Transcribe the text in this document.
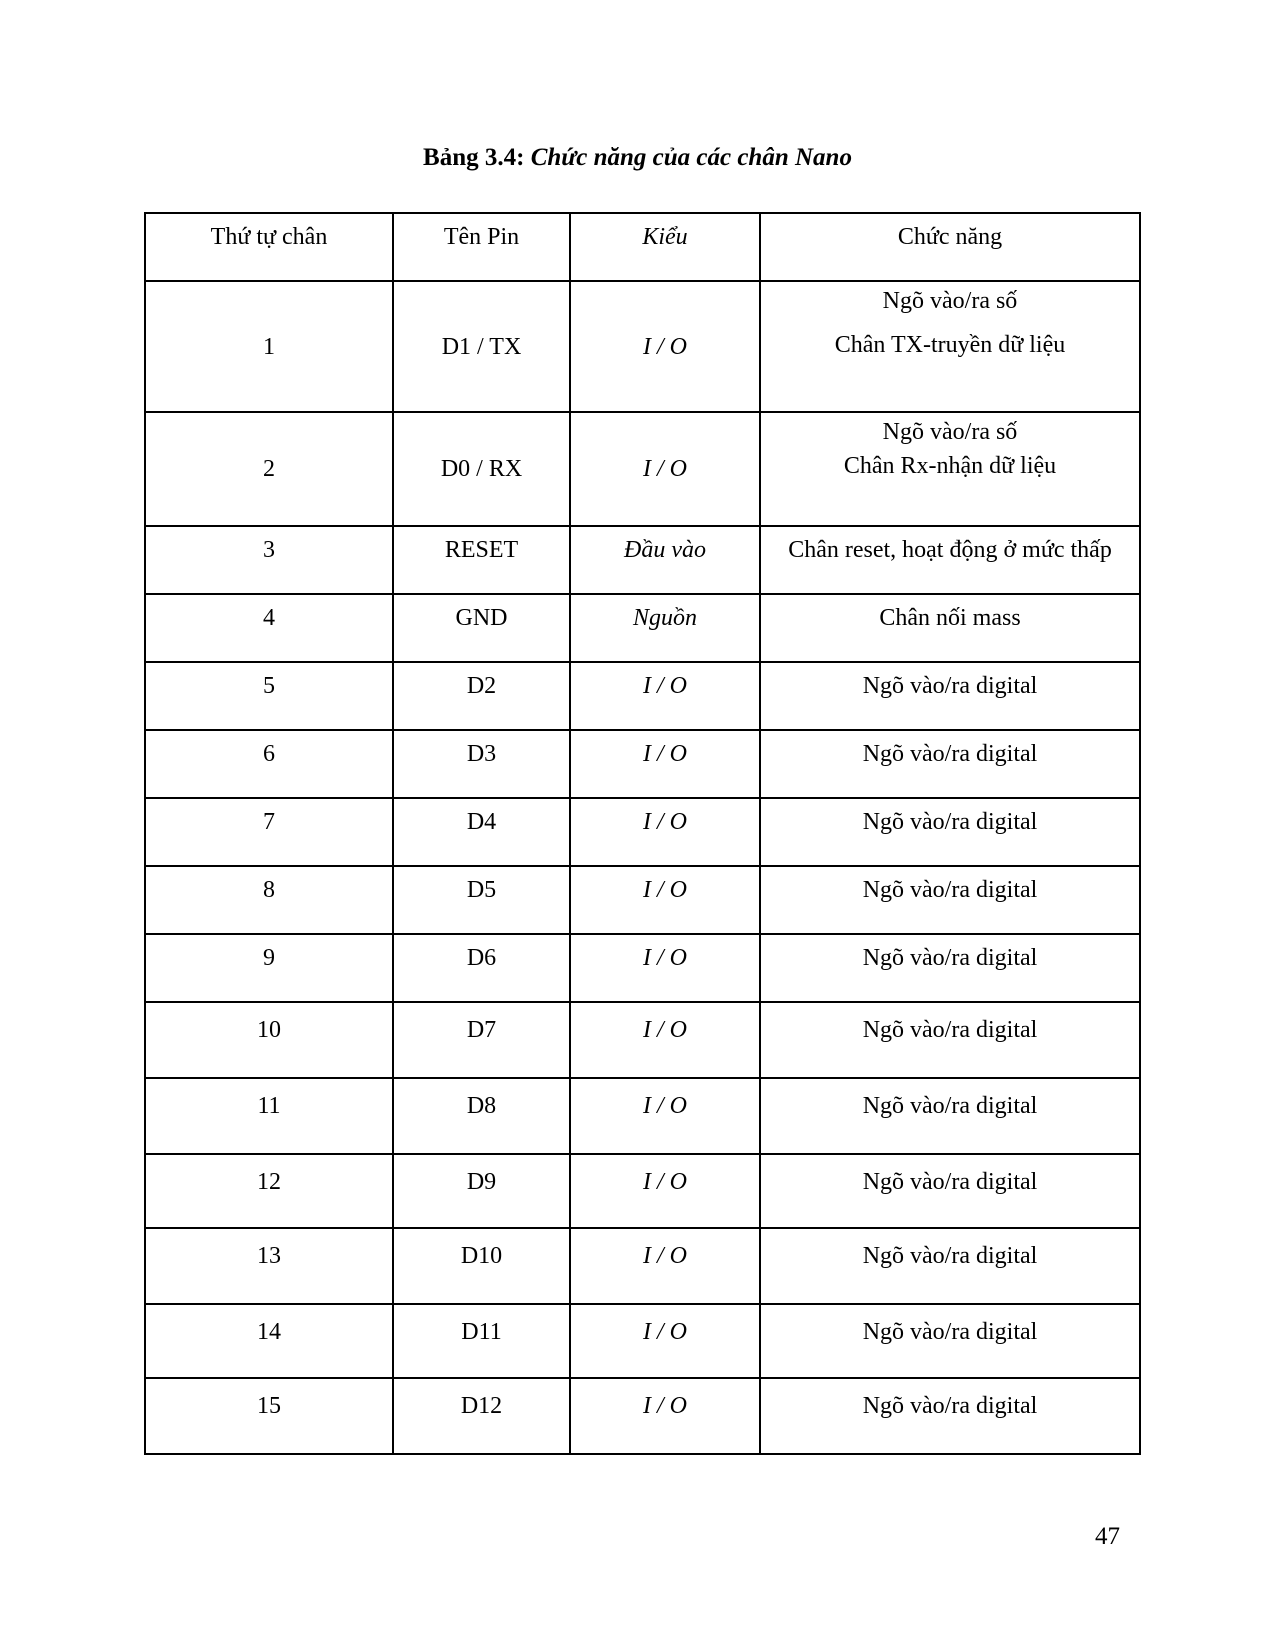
Bảng 3.4: Chức năng của các chân Nano
Thứ tự chân	Tên Pin	Kiểu	Chức năng
1	D1 / TX	I / O	Ngõ vào/ra số
Chân TX-truyền dữ liệu

2	D0 / RX	I / O	Ngõ vào/ra số
Chân Rx-nhận dữ liệu

3	RESET	Đầu vào	Chân reset, hoạt động ở mức thấp

4	GND	Nguồn	Chân nối mass

5	D2	I / O	Ngõ vào/ra digital

6	D3	I / O	Ngõ vào/ra digital

7	D4	I / O	Ngõ vào/ra digital

8	D5	I / O	Ngõ vào/ra digital

9	D6	I / O	Ngõ vào/ra digital

10	D7	I / O	Ngõ vào/ra digital

11	D8	I / O	Ngõ vào/ra digital

12	D9	I / O	Ngõ vào/ra digital

13	D10	I / O	Ngõ vào/ra digital

14	D11	I / O	Ngõ vào/ra digital

15	D12	I / O	Ngõ vào/ra digital
47
